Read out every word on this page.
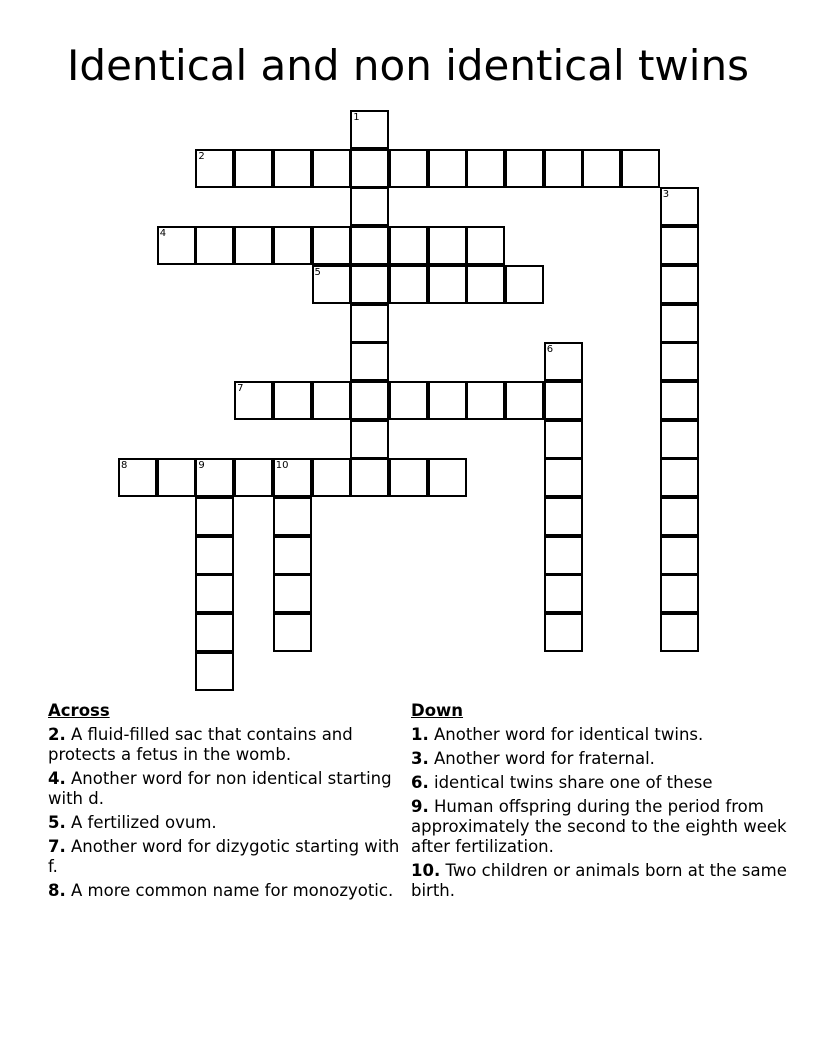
Identical and non identical twins
1
2
3
4
5
6
7
8	9	10
Across
2. A fluid-filled sac that contains and protects a fetus in the womb.
4. Another word for non identical starting with d.
5. A fertilized ovum.
7. Another word for dizygotic starting with f.
8. A more common name for monozyotic.
Down
1. Another word for identical twins.
3. Another word for fraternal.
6. identical twins share one of these
9. Human offspring during the period from approximately the second to the eighth week after fertilization.
10. Two children or animals born at the same birth.
